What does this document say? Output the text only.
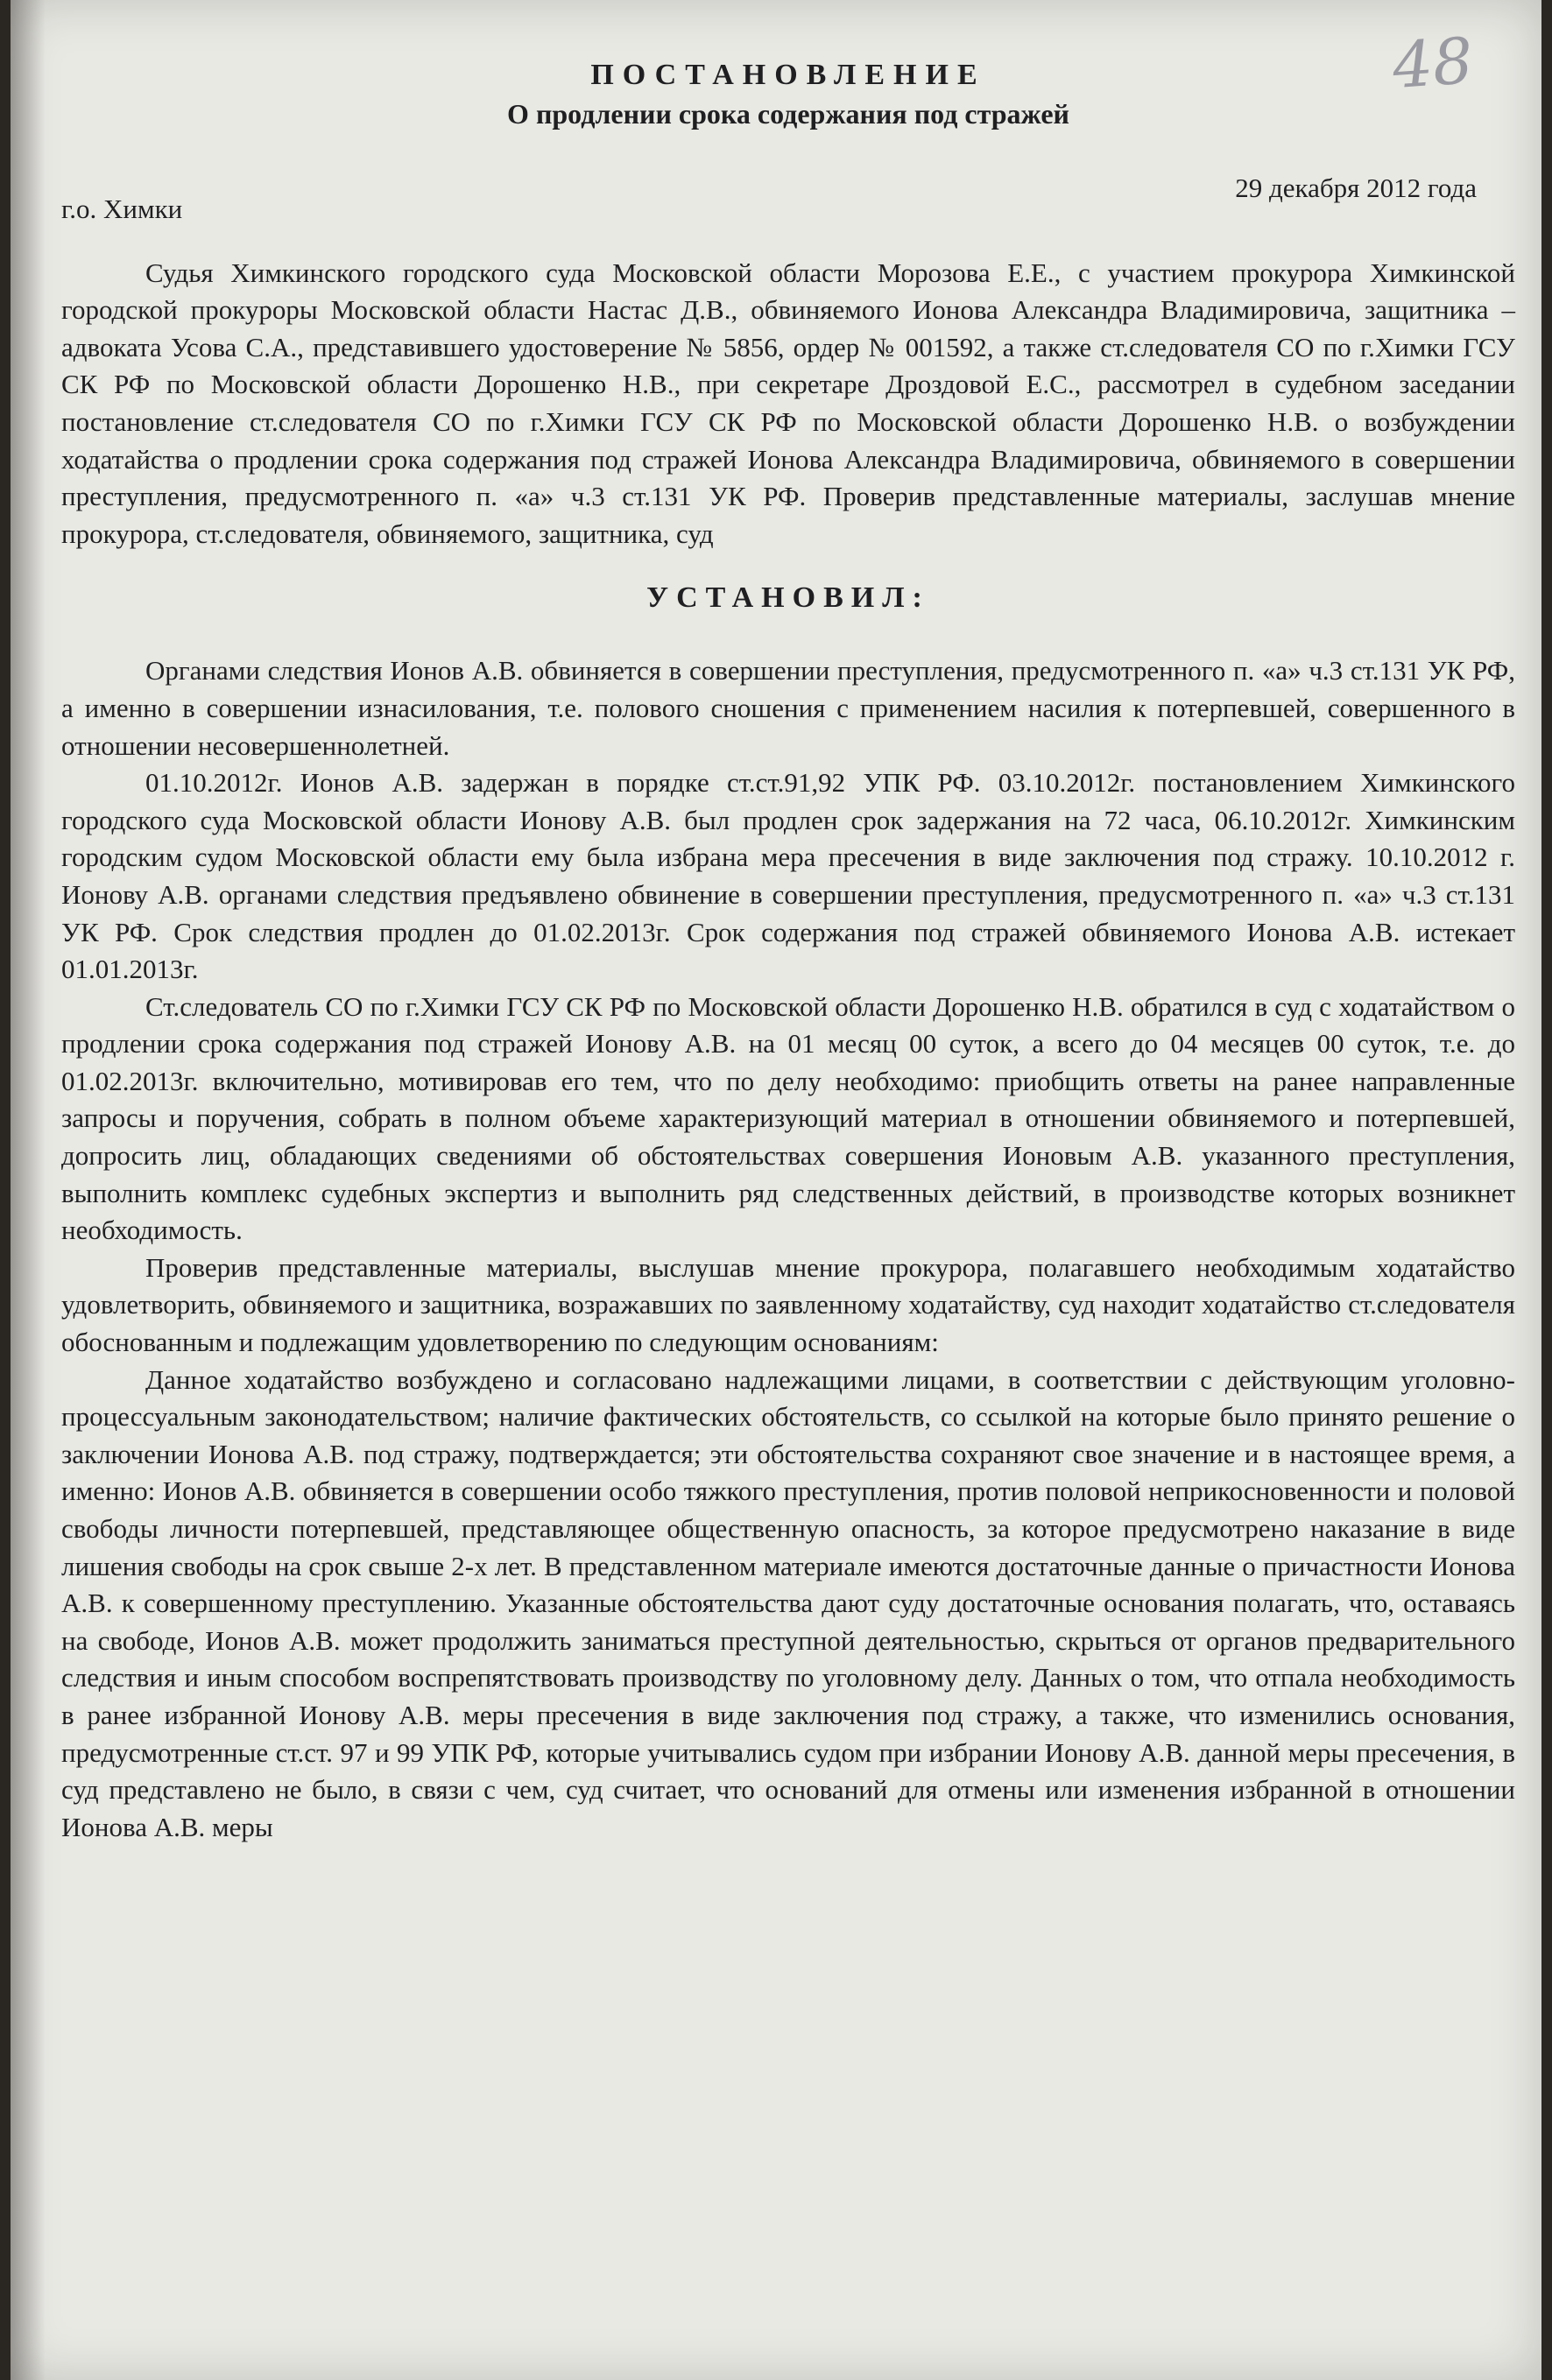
48
ПОСТАНОВЛЕНИЕ
О продлении срока содержания под стражей
г.о. Химки
29 декабря 2012 года

Судья Химкинского городского суда Московской области Морозова Е.Е., с участием прокурора Химкинской городской прокуроры Московской области Настас Д.В., обвиняемого Ионова Александра Владимировича, защитника – адвоката Усова С.А., представившего удостоверение № 5856, ордер № 001592, а также ст.следователя СО по г.Химки ГСУ СК РФ по Московской области Дорошенко Н.В., при секретаре Дроздовой Е.С., рассмотрел в судебном заседании постановление ст.следователя СО по г.Химки ГСУ СК РФ по Московской области Дорошенко Н.В. о возбуждении ходатайства о продлении срока содержания под стражей Ионова Александра Владимировича, обвиняемого в совершении преступления, предусмотренного п. «а» ч.3 ст.131 УК РФ. Проверив представленные материалы, заслушав мнение прокурора, ст.следователя, обвиняемого, защитника, суд

УСТАНОВИЛ:

Органами следствия Ионов А.В. обвиняется в совершении преступления, предусмотренного п. «а» ч.3 ст.131 УК РФ, а именно в совершении изнасилования, т.е. полового сношения с применением насилия к потерпевшей, совершенного в отношении несовершеннолетней.

01.10.2012г. Ионов А.В. задержан в порядке ст.ст.91,92 УПК РФ. 03.10.2012г. постановлением Химкинского городского суда Московской области Ионову А.В. был продлен срок задержания на 72 часа, 06.10.2012г. Химкинским городским судом Московской области ему была избрана мера пресечения в виде заключения под стражу. 10.10.2012 г. Ионову А.В. органами следствия предъявлено обвинение в совершении преступления, предусмотренного п. «а» ч.3 ст.131 УК РФ. Срок следствия продлен до 01.02.2013г. Срок содержания под стражей обвиняемого Ионова А.В. истекает 01.01.2013г.

Ст.следователь СО по г.Химки ГСУ СК РФ по Московской области Дорошенко Н.В. обратился в суд с ходатайством о продлении срока содержания под стражей Ионову А.В. на 01 месяц 00 суток, а всего до 04 месяцев 00 суток, т.е. до 01.02.2013г. включительно, мотивировав его тем, что по делу необходимо: приобщить ответы на ранее направленные запросы и поручения, собрать в полном объеме характеризующий материал в отношении обвиняемого и потерпевшей, допросить лиц, обладающих сведениями об обстоятельствах совершения Ионовым А.В. указанного преступления, выполнить комплекс судебных экспертиз и выполнить ряд следственных действий, в производстве которых возникнет необходимость.

Проверив представленные материалы, выслушав мнение прокурора, полагавшего необходимым ходатайство удовлетворить, обвиняемого и защитника, возражавших по заявленному ходатайству, суд находит ходатайство ст.следователя обоснованным и подлежащим удовлетворению по следующим основаниям:

Данное ходатайство возбуждено и согласовано надлежащими лицами, в соответствии с действующим уголовно-процессуальным законодательством; наличие фактических обстоятельств, со ссылкой на которые было принято решение о заключении Ионова А.В. под стражу, подтверждается; эти обстоятельства сохраняют свое значение и в настоящее время, а именно: Ионов А.В. обвиняется в совершении особо тяжкого преступления, против половой неприкосновенности и половой свободы личности потерпевшей, представляющее общественную опасность, за которое предусмотрено наказание в виде лишения свободы на срок свыше 2-х лет. В представленном материале имеются достаточные данные о причастности Ионова А.В. к совершенному преступлению. Указанные обстоятельства дают суду достаточные основания полагать, что, оставаясь на свободе, Ионов А.В. может продолжить заниматься преступной деятельностью, скрыться от органов предварительного следствия и иным способом воспрепятствовать производству по уголовному делу. Данных о том, что отпала необходимость в ранее избранной Ионову А.В. меры пресечения в виде заключения под стражу, а также, что изменились основания, предусмотренные ст.ст. 97 и 99 УПК РФ, которые учитывались судом при избрании Ионову А.В. данной меры пресечения, в суд представлено не было, в связи с чем, суд считает, что оснований для отмены или изменения избранной в отношении Ионова А.В. меры
